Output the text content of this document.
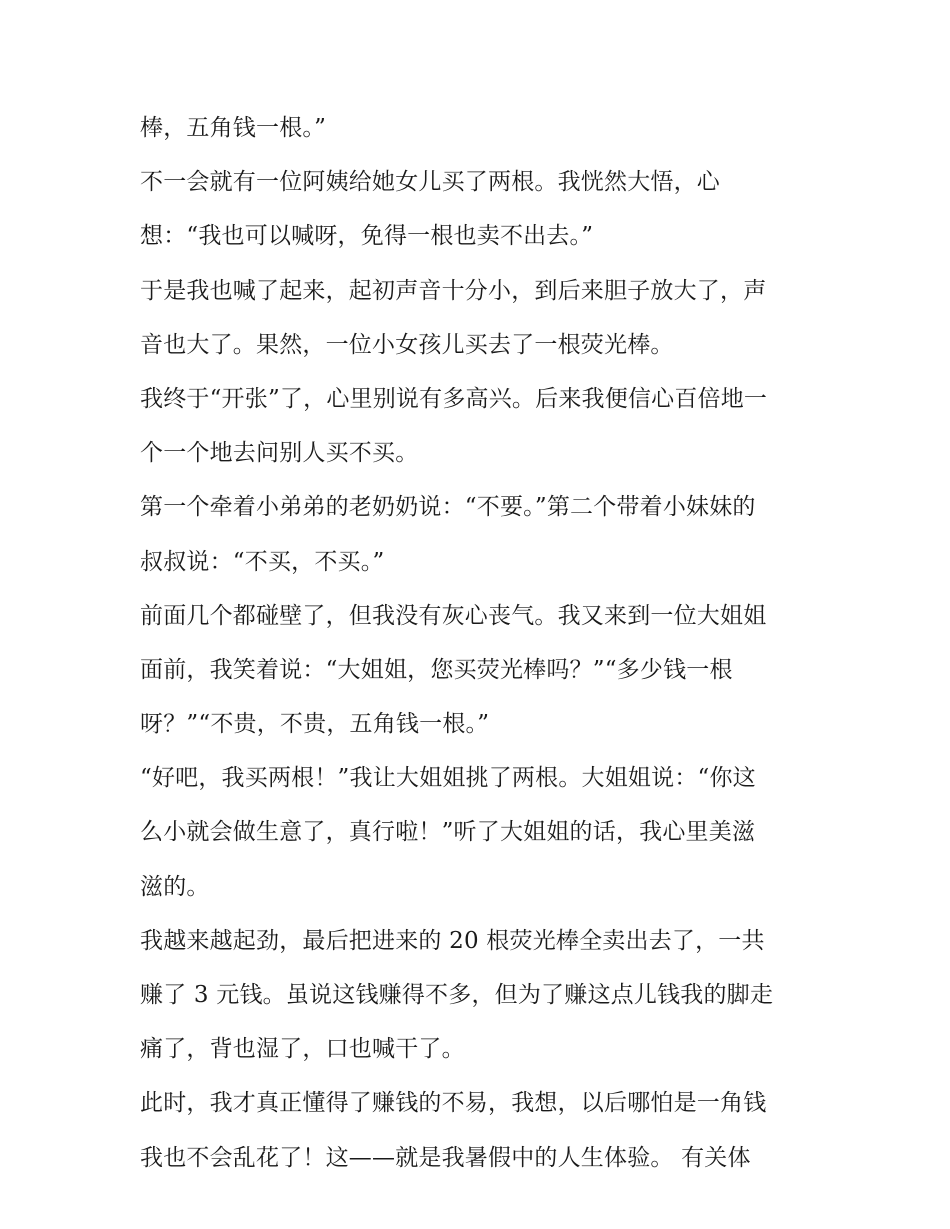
棒，五角钱一根。”
不一会就有一位阿姨给她女儿买了两根。我恍然大悟，心
想：“我也可以喊呀，免得一根也卖不出去。”
于是我也喊了起来，起初声音十分小，到后来胆子放大了，声
音也大了。果然，一位小女孩儿买去了一根荧光棒。
我终于“开张”了，心里别说有多高兴。后来我便信心百倍地一
个一个地去问别人买不买。
第一个牵着小弟弟的老奶奶说：“不要。”第二个带着小妹妹的
叔叔说：“不买，不买。”
前面几个都碰壁了，但我没有灰心丧气。我又来到一位大姐姐
面前，我笑着说：“大姐姐，您买荧光棒吗？”“多少钱一根
呀？”“不贵，不贵，五角钱一根。”
“好吧，我买两根！”我让大姐姐挑了两根。大姐姐说：“你这
么小就会做生意了，真行啦！”听了大姐姐的话，我心里美滋
滋的。
我越来越起劲，最后把进来的 20 根荧光棒全卖出去了，一共
赚了 3 元钱。虽说这钱赚得不多，但为了赚这点儿钱我的脚走
痛了，背也湿了，口也喊干了。
此时，我才真正懂得了赚钱的不易，我想，以后哪怕是一角钱
我也不会乱花了！这——就是我暑假中的人生体验。 有关体
